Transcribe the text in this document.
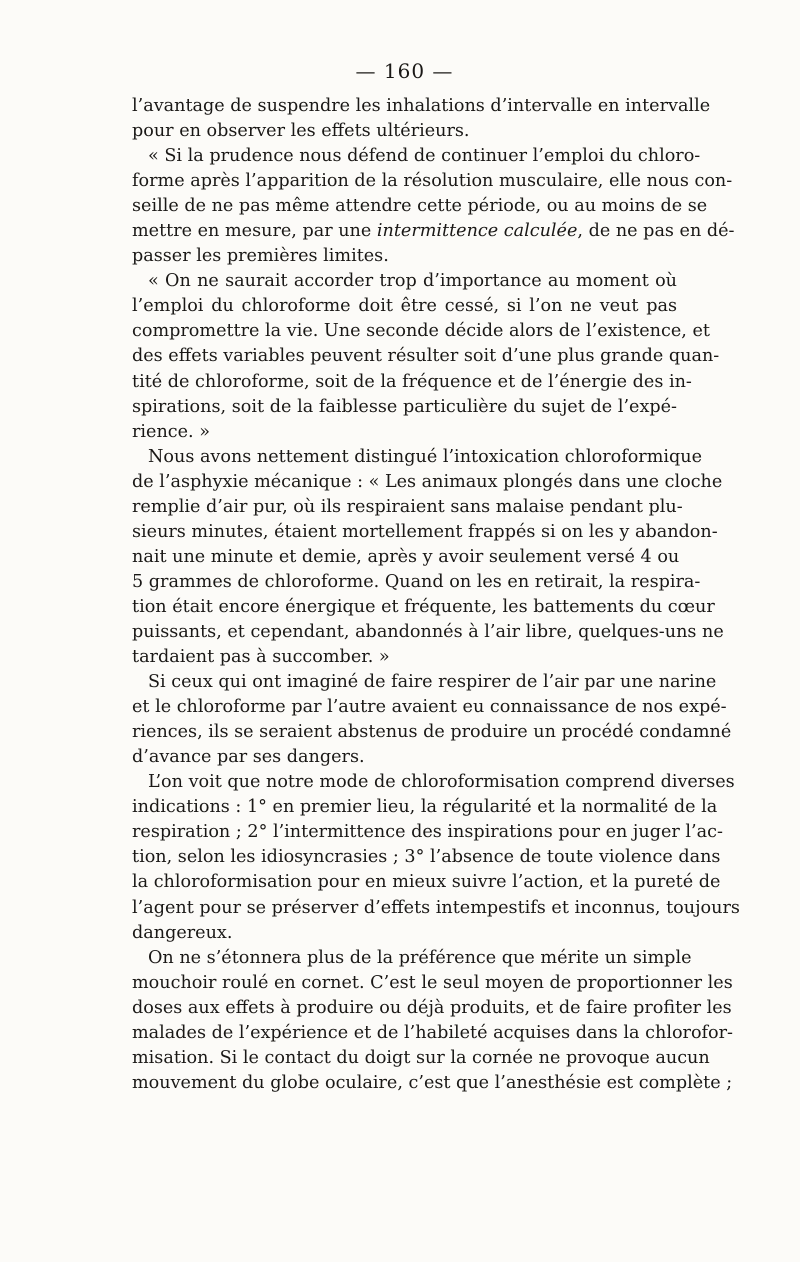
— 160 —

l’avantage de suspendre les inhalations d’intervalle en intervalle
pour en observer les effets ultérieurs.

« Si la prudence nous défend de continuer l’emploi du chloro-
forme après l’apparition de la résolution musculaire, elle nous con-
seille de ne pas même attendre cette période, ou au moins de se
mettre en mesure, par une intermittence calculée, de ne pas en dé-
passer les premières limites.

« On ne saurait accorder trop d’importance au moment où
l’emploi du chloroforme doit être cessé, si l’on ne veut pas
compromettre la vie. Une seconde décide alors de l’existence, et
des effets variables peuvent résulter soit d’une plus grande quan-
tité de chloroforme, soit de la fréquence et de l’énergie des in-
spirations, soit de la faiblesse particulière du sujet de l’expé-
rience. »

Nous avons nettement distingué l’intoxication chloroformique
de l’asphyxie mécanique : « Les animaux plongés dans une cloche
remplie d’air pur, où ils respiraient sans malaise pendant plu-
sieurs minutes, étaient mortellement frappés si on les y abandon-
nait une minute et demie, après y avoir seulement versé 4 ou
5 grammes de chloroforme. Quand on les en retirait, la respira-
tion était encore énergique et fréquente, les battements du cœur
puissants, et cependant, abandonnés à l’air libre, quelques-uns ne
tardaient pas à succomber. »

Si ceux qui ont imaginé de faire respirer de l’air par une narine
et le chloroforme par l’autre avaient eu connaissance de nos expé-
riences, ils se seraient abstenus de produire un procédé condamné
d’avance par ses dangers.

L’on voit que notre mode de chloroformisation comprend diverses
indications : 1° en premier lieu, la régularité et la normalité de la
respiration ; 2° l’intermittence des inspirations pour en juger l’ac-
tion, selon les idiosyncrasies ; 3° l’absence de toute violence dans
la chloroformisation pour en mieux suivre l’action, et la pureté de
l’agent pour se préserver d’effets intempestifs et inconnus, toujours
dangereux.

On ne s’étonnera plus de la préférence que mérite un simple
mouchoir roulé en cornet. C’est le seul moyen de proportionner les
doses aux effets à produire ou déjà produits, et de faire profiter les
malades de l’expérience et de l’habileté acquises dans la chlorofor-
misation. Si le contact du doigt sur la cornée ne provoque aucun
mouvement du globe oculaire, c’est que l’anesthésie est complète ;
